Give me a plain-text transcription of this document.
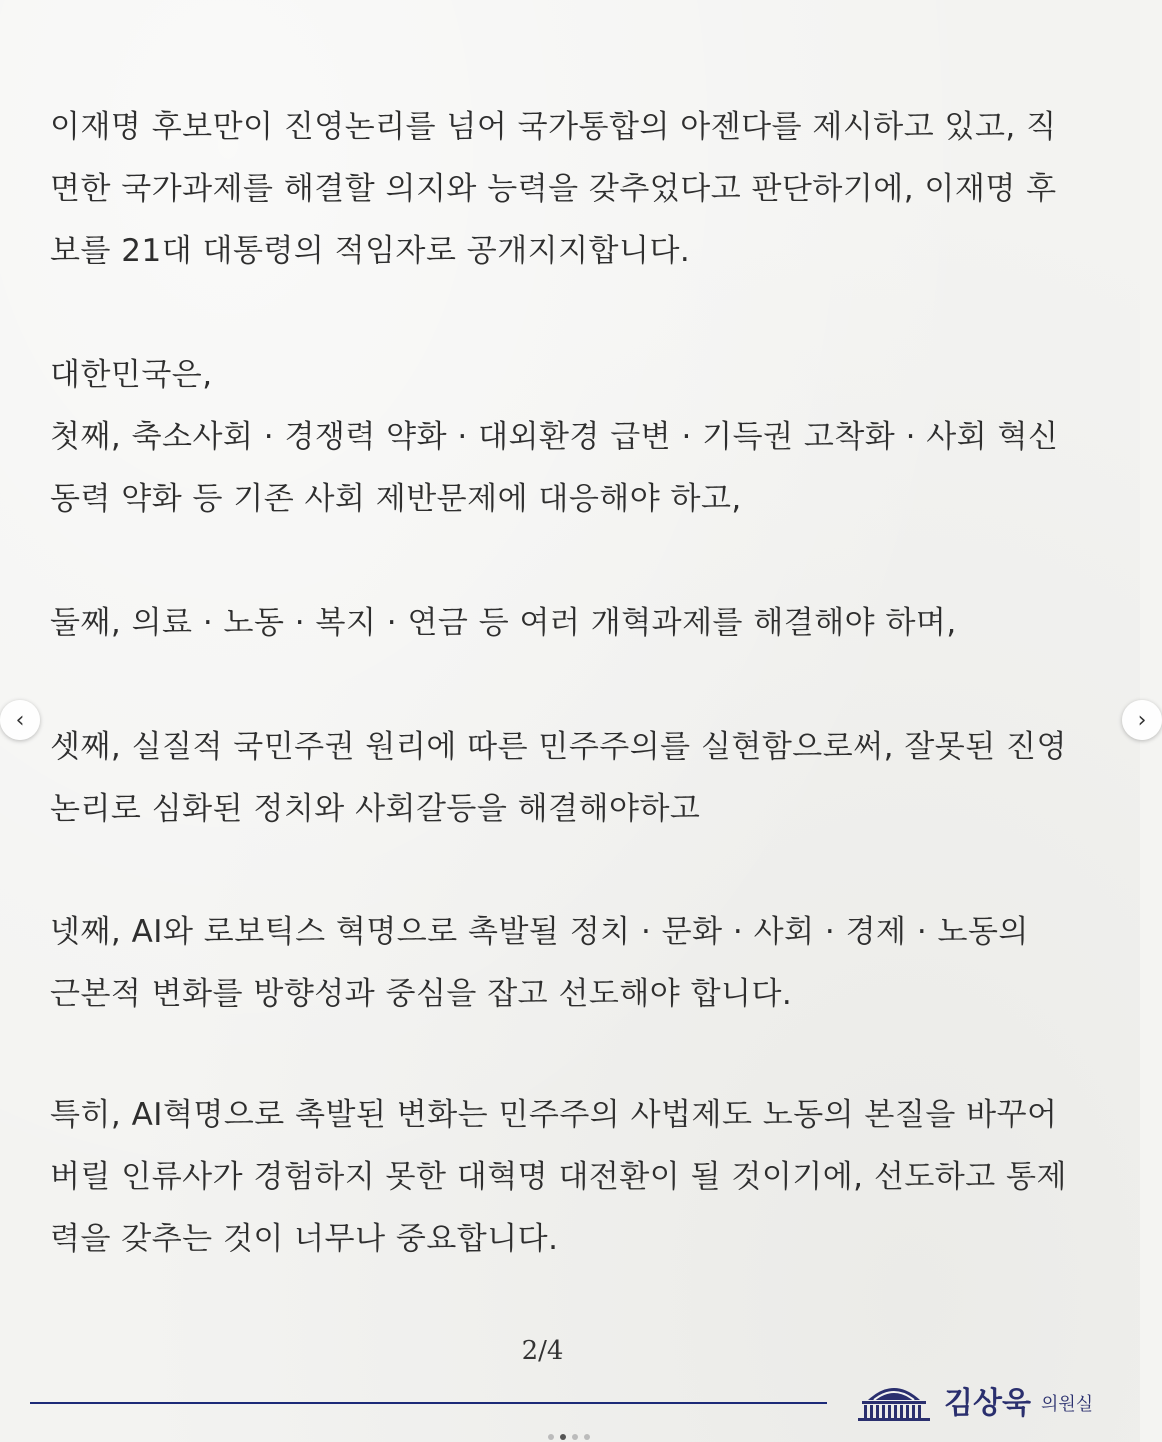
이재명 후보만이 진영논리를 넘어 국가통합의 아젠다를 제시하고 있고, 직
면한 국가과제를 해결할 의지와 능력을 갖추었다고 판단하기에, 이재명 후
보를 21대 대통령의 적임자로 공개지지합니다.
대한민국은,
첫째, 축소사회 · 경쟁력 약화 · 대외환경 급변 · 기득권 고착화 · 사회 혁신
동력 약화 등 기존 사회 제반문제에 대응해야 하고,
둘째, 의료 · 노동 · 복지 · 연금 등 여러 개혁과제를 해결해야 하며,
셋째, 실질적 국민주권 원리에 따른 민주주의를 실현함으로써, 잘못된 진영
논리로 심화된 정치와 사회갈등을 해결해야하고
넷째, AI와 로보틱스 혁명으로 촉발될 정치 · 문화 · 사회 · 경제 · 노동의
근본적 변화를 방향성과 중심을 잡고 선도해야 합니다.
특히, AI혁명으로 촉발된 변화는 민주주의 사법제도 노동의 본질을 바꾸어
버릴 인류사가 경험하지 못한 대혁명 대전환이 될 것이기에, 선도하고 통제
력을 갖추는 것이 너무나 중요합니다.
2/4
김상욱 의원실
‹	›
